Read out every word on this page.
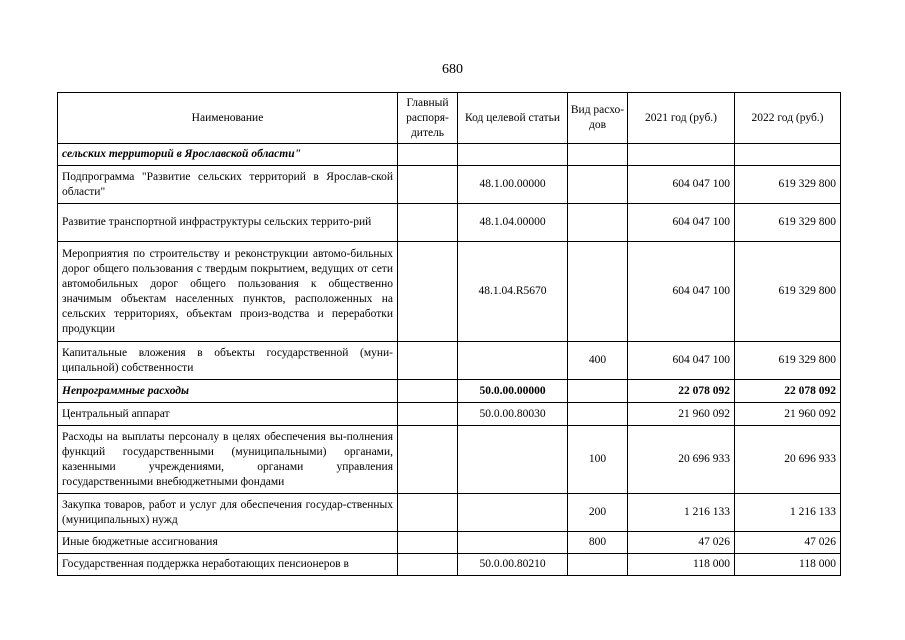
680
Наименование	Главный распоря-дитель	Код целевой статьи	Вид расхо-дов	2021 год (руб.)	2022 год (руб.)
сельских территорий в Ярославской области"					
Подпрограмма "Развитие сельских территорий в Ярослав-ской области"		48.1.00.00000		604 047 100	619 329 800
Развитие транспортной инфраструктуры сельских террито-рий		48.1.04.00000		604 047 100	619 329 800
Мероприятия по строительству и реконструкции автомо-бильных дорог общего пользования с твердым покрытием, ведущих от сети автомобильных дорог общего пользования к общественно значимым объектам населенных пунктов, расположенных на сельских территориях, объектам произ-водства и переработки продукции		48.1.04.R5670		604 047 100	619 329 800
Капитальные вложения в объекты государственной (муни-ципальной) собственности			400	604 047 100	619 329 800
Непрограммные расходы		50.0.00.00000		22 078 092	22 078 092
Центральный аппарат		50.0.00.80030		21 960 092	21 960 092
Расходы на выплаты персоналу в целях обеспечения вы-полнения функций государственными (муниципальными) органами, казенными учреждениями, органами управления государственными внебюджетными фондами			100	20 696 933	20 696 933
Закупка товаров, работ и услуг для обеспечения государ-ственных (муниципальных) нужд			200	1 216 133	1 216 133
Иные бюджетные ассигнования			800	47 026	47 026
Государственная поддержка неработающих пенсионеров в		50.0.00.80210		118 000	118 000
